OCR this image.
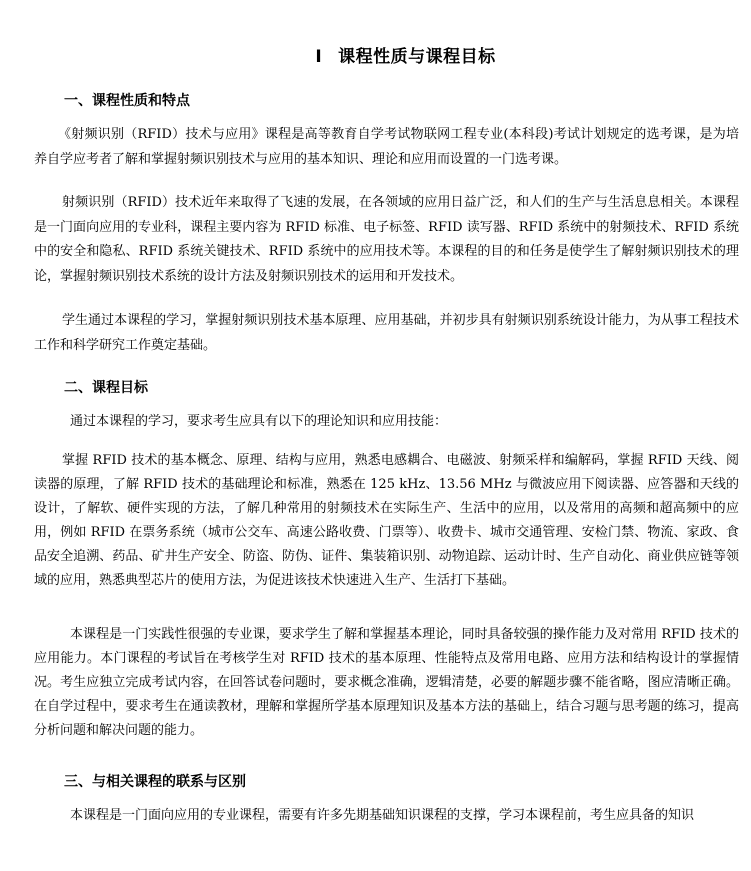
I 课程性质与课程目标
一、课程性质和特点

《射频识别（RFID）技术与应用》课程是高等教育自学考试物联网工程专业(本科段)考试计划规定的选考课，是为培养自学应考者了解和掌握射频识别技术与应用的基本知识、理论和应用而设置的一门选考课。

射频识别（RFID）技术近年来取得了飞速的发展，在各领域的应用日益广泛，和人们的生产与生活息息相关。本课程是一门面向应用的专业科，课程主要内容为 RFID 标准、电子标签、RFID 读写器、RFID 系统中的射频技术、RFID 系统中的安全和隐私、RFID 系统关键技术、RFID 系统中的应用技术等。本课程的目的和任务是使学生了解射频识别技术的理论，掌握射频识别技术系统的设计方法及射频识别技术的运用和开发技术。

学生通过本课程的学习，掌握射频识别技术基本原理、应用基础，并初步具有射频识别系统设计能力，为从事工程技术工作和科学研究工作奠定基础。

二、课程目标

通过本课程的学习，要求考生应具有以下的理论知识和应用技能：

掌握 RFID 技术的基本概念、原理、结构与应用，熟悉电感耦合、电磁波、射频采样和编解码，掌握 RFID 天线、阅读器的原理，了解 RFID 技术的基础理论和标准，熟悉在 125 kHz、13.56 MHz 与微波应用下阅读器、应答器和天线的设计，了解软、硬件实现的方法，了解几种常用的射频技术在实际生产、生活中的应用，以及常用的高频和超高频中的应用，例如 RFID 在票务系统（城市公交车、高速公路收费、门票等）、收费卡、城市交通管理、安检门禁、物流、家政、食品安全追溯、药品、矿井生产安全、防盗、防伪、证件、集装箱识别、动物追踪、运动计时、生产自动化、商业供应链等领域的应用，熟悉典型芯片的使用方法，为促进该技术快速进入生产、生活打下基础。

本课程是一门实践性很强的专业课，要求学生了解和掌握基本理论，同时具备较强的操作能力及对常用 RFID 技术的应用能力。本门课程的考试旨在考核学生对 RFID 技术的基本原理、性能特点及常用电路、应用方法和结构设计的掌握情况。考生应独立完成考试内容，在回答试卷问题时，要求概念准确，逻辑清楚，必要的解题步骤不能省略，图应清晰正确。在自学过程中，要求考生在通读教材，理解和掌握所学基本原理知识及基本方法的基础上，结合习题与思考题的练习，提高分析问题和解决问题的能力。

三、与相关课程的联系与区别

本课程是一门面向应用的专业课程，需要有许多先期基础知识课程的支撑，学习本课程前，考生应具备的知识
